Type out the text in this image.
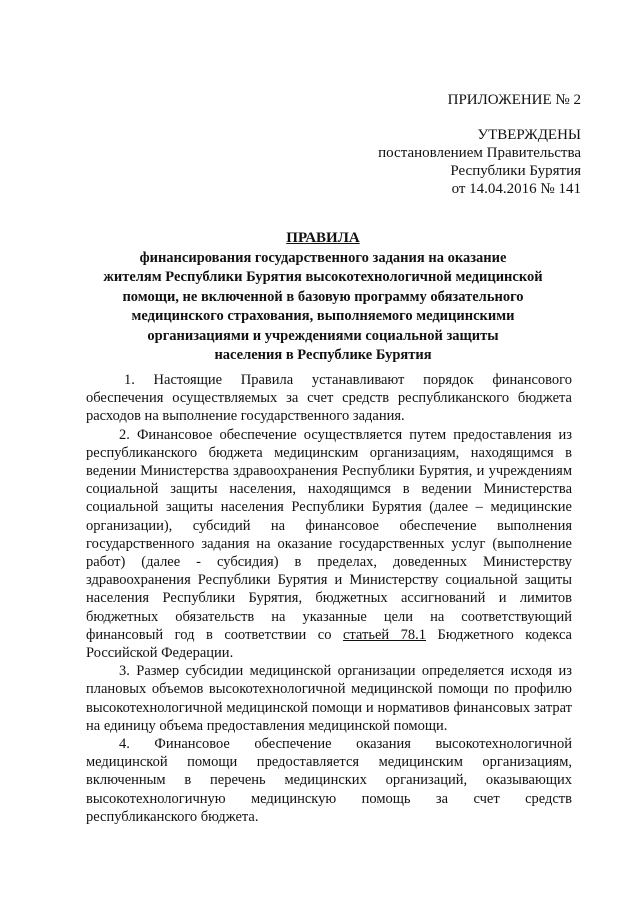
ПРИЛОЖЕНИЕ № 2
УТВЕРЖДЕНЫ
постановлением Правительства
Республики Бурятия
от 14.04.2016 № 141
ПРАВИЛА
финансирования государственного задания на оказание
жителям Республики Бурятия высокотехнологичной медицинской
помощи, не включенной в базовую программу обязательного
медицинского страхования, выполняемого медицинскими
организациями и учреждениями социальной защиты
населения в Республике Бурятия

1. Настоящие Правила устанавливают порядок финансового обеспечения осуществляемых за счет средств республиканского бюджета расходов на выполнение государственного задания.

2. Финансовое обеспечение осуществляется путем предоставления из республиканского бюджета медицинским организациям, находящимся в ведении Министерства здравоохранения Республики Бурятия, и учреждениям социальной защиты населения, находящимся в ведении Министерства социальной защиты населения Республики Бурятия (далее – медицинские организации), субсидий на финансовое обеспечение выполнения государственного задания на оказание государственных услуг (выполнение работ) (далее - субсидия) в пределах, доведенных Министерству здравоохранения Республики Бурятия и Министерству социальной защиты населения Республики Бурятия, бюджетных ассигнований и лимитов бюджетных обязательств на указанные цели на соответствующий финансовый год в соответствии со статьей 78.1 Бюджетного кодекса Российской Федерации.

3. Размер субсидии медицинской организации определяется исходя из плановых объемов высокотехнологичной медицинской помощи по профилю высокотехнологичной медицинской помощи и нормативов финансовых затрат на единицу объема предоставления медицинской помощи.

4. Финансовое обеспечение оказания высокотехнологичной медицинской помощи предоставляется медицинским организациям, включенным в перечень медицинских организаций, оказывающих высокотехнологичную медицинскую помощь за счет средств республиканского бюджета.
